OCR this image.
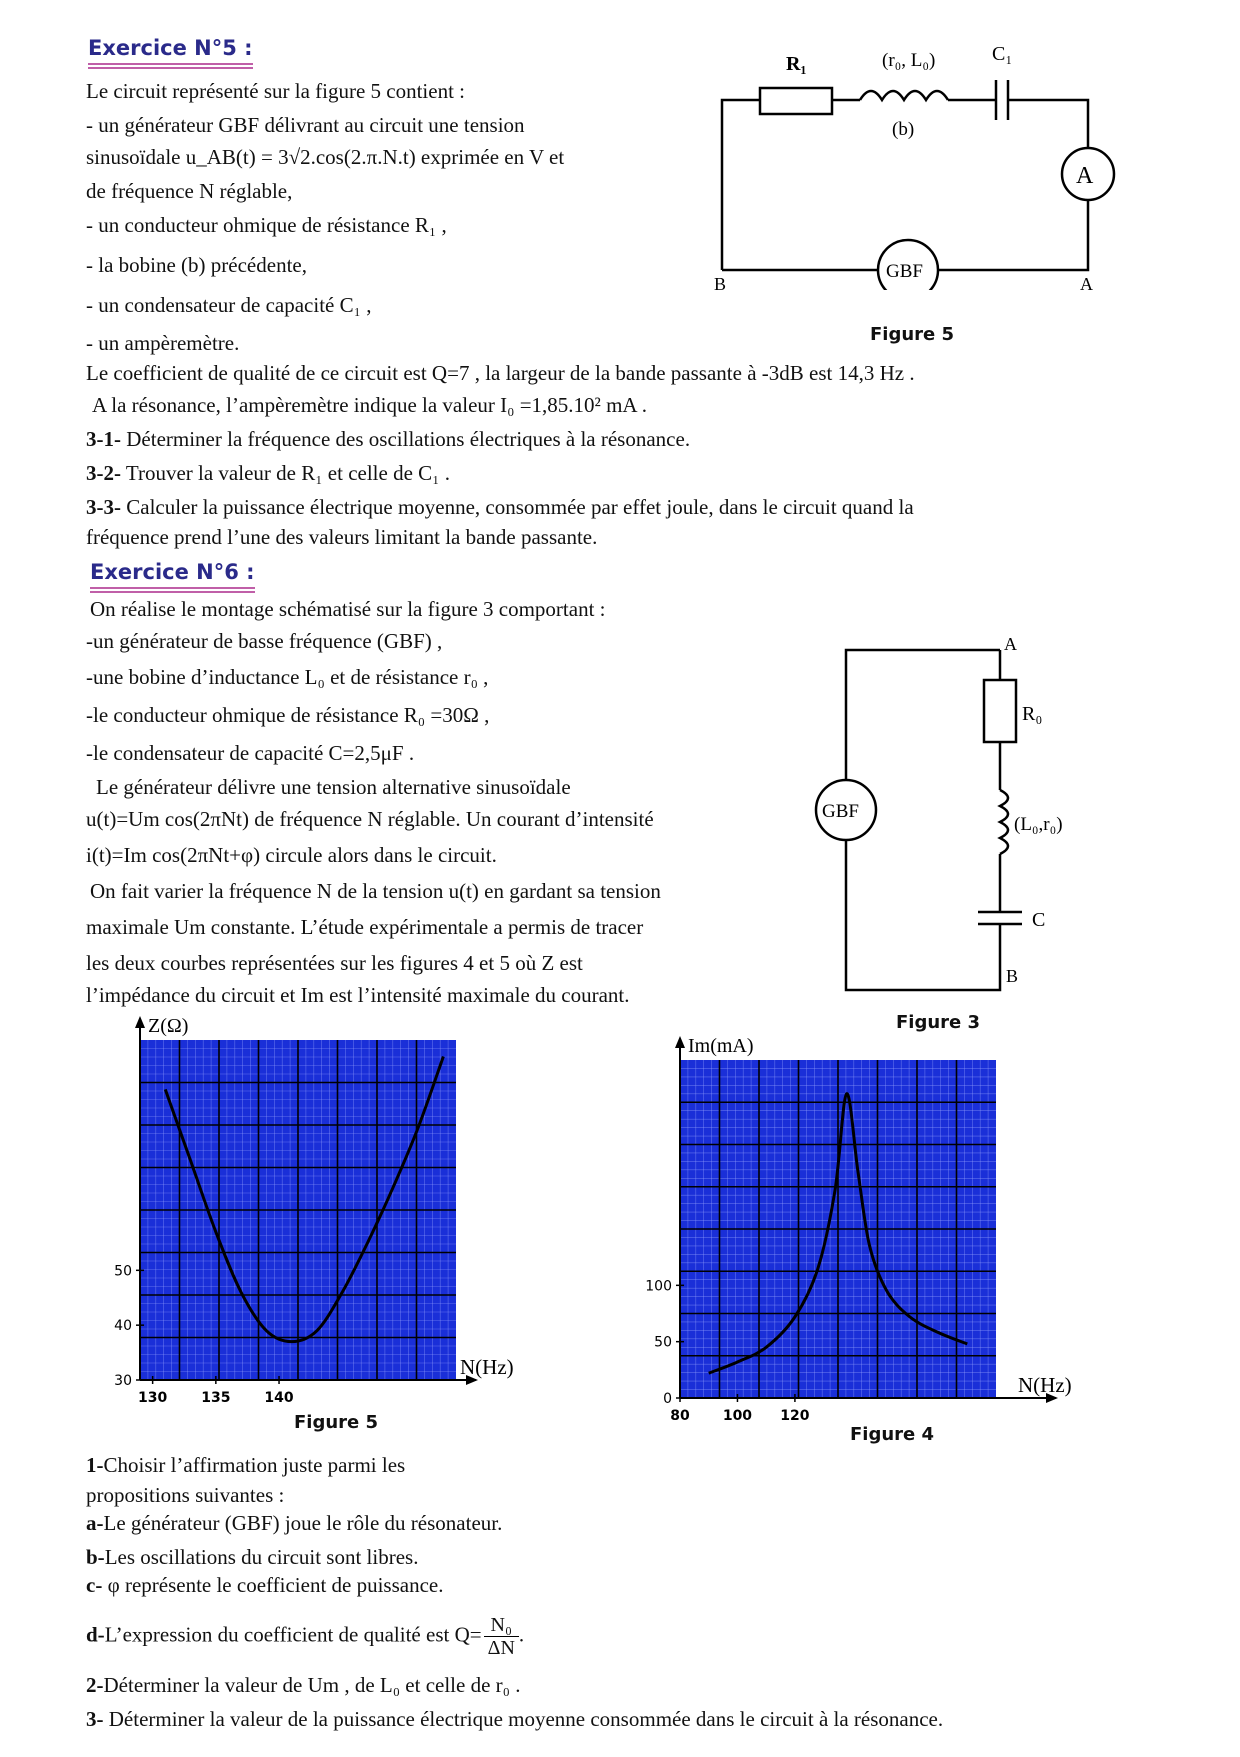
Exercice N°5 :
Le circuit représenté sur la figure 5 contient :
- un générateur GBF délivrant au circuit une tension
sinusoïdale u_AB(t) = 3√2.cos(2.π.N.t) exprimée en V et
de fréquence N réglable,
- un conducteur ohmique de résistance R₁ ,
- la bobine (b) précédente,
- un condensateur de capacité C₁ ,
- un ampèremètre.
Le coefficient de qualité de ce circuit est Q=7 , la largeur de la bande passante à -3dB est 14,3 Hz .
A la résonance, l’ampèremètre indique la valeur I₀ =1,85.10² mA .
3-1- Déterminer la fréquence des oscillations électriques à la résonance.
3-2- Trouver la valeur de R₁ et celle de C₁ .
3-3- Calculer la puissance électrique moyenne, consommée par effet joule, dans le circuit quand la
fréquence prend l’une des valeurs limitant la bande passante.
R₁	(r₀, L₀)
(b)
C₁
A
GBF
B	A
Figure 5
Exercice N°6 :
On réalise le montage schématisé sur la figure 3 comportant :
-un générateur de basse fréquence (GBF) ,
-une bobine d’inductance L₀ et de résistance r₀ ,
-le conducteur ohmique de résistance R₀ =30Ω ,
-le condensateur de capacité C=2,5μF .
Le générateur délivre une tension alternative sinusoïdale
u(t)=Um cos(2πNt) de fréquence N réglable. Un courant d’intensité
i(t)=Im cos(2πNt+φ) circule alors dans le circuit.
On fait varier la fréquence N de la tension u(t) en gardant sa tension
maximale Um constante. L’étude expérimentale a permis de tracer
les deux courbes représentées sur les figures 4 et 5 où Z est
l’impédance du circuit et Im est l’intensité maximale du courant.
A
R₀
(L₀,r₀)
C
B
GBF
Figure 3
130 135 140
30
40
50
Z(Ω)
N(Hz)
80 100 120
0
50
100
Im(mA)
N(Hz)
1-Choisir l’affirmation juste parmi les
propositions suivantes :
a-Le générateur (GBF) joue le rôle du résonateur.
b-Les oscillations du circuit sont libres.
c- φ représente le coefficient de puissance.
d-L’expression du coefficient de qualité est $Q= \frac{\text{N₀}}{\Delta N}$ .
2-Déterminer la valeur de Um , de L₀ et celle de r₀ .
3- Déterminer la valeur de la puissance électrique moyenne consommée dans le circuit à la résonance.
Figure 5
Figure 4
